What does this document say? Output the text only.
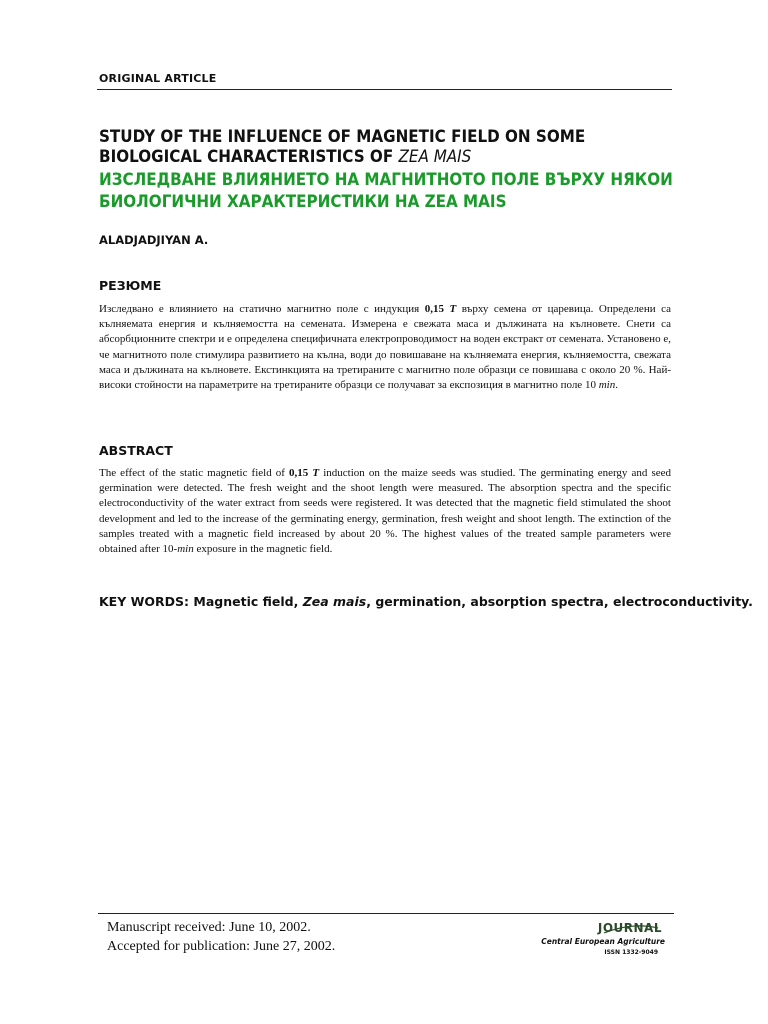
ORIGINAL ARTICLE
STUDY OF THE INFLUENCE OF MAGNETIC FIELD ON SOME BIOLOGICAL CHARACTERISTICS OF ZEA MAIS
ИЗСЛЕДВАНЕ ВЛИЯНИЕТО НА МАГНИТНОТО ПОЛЕ ВЪРХУ НЯКОИ БИОЛОГИЧНИ ХАРАКТЕРИСТИКИ НА ZEA MAIS
ALADJADJIYAN A.
РЕЗЮМЕ
Изследвано е влиянието на статично магнитно поле с индукция 0,15 T върху семена от царевица. Определени са кълняемата енергия и кълняемостта на семената. Измерена е свежата маса и дължината на кълновете. Снети са абсорбционните спектри и е определена специфичната електропроводимост на воден екстракт от семената. Установено е, че магнитното поле стимулира развитието на кълна, води до повишаване на кълняемата енергия, кълняемостта, свежата маса и дължината на кълновете. Екстинкцията на третираните с магнитно поле образци се повишава с около 20 %. Най-високи стойности на параметрите на третираните образци се получават за експозиция в магнитно поле 10 min.
ABSTRACT
The effect of the static magnetic field of 0,15 T induction on the maize seeds was studied. The germinating energy and seed germination were detected. The fresh weight and the shoot length were measured. The absorption spectra and the specific electroconductivity of the water extract from seeds were registered. It was detected that the magnetic field stimulated the shoot development and led to the increase of the germinating energy, germination, fresh weight and shoot length. The extinction of the samples treated with a magnetic field increased by about 20 %. The highest values of the treated sample parameters were obtained after 10-min exposure in the magnetic field.
KEY WORDS: Magnetic field, Zea mais, germination, absorption spectra, electroconductivity.
Manuscript received: June 10, 2002.
Accepted for publication: June 27, 2002.
JOURNAL
Central European Agriculture
ISSN 1332-9049
